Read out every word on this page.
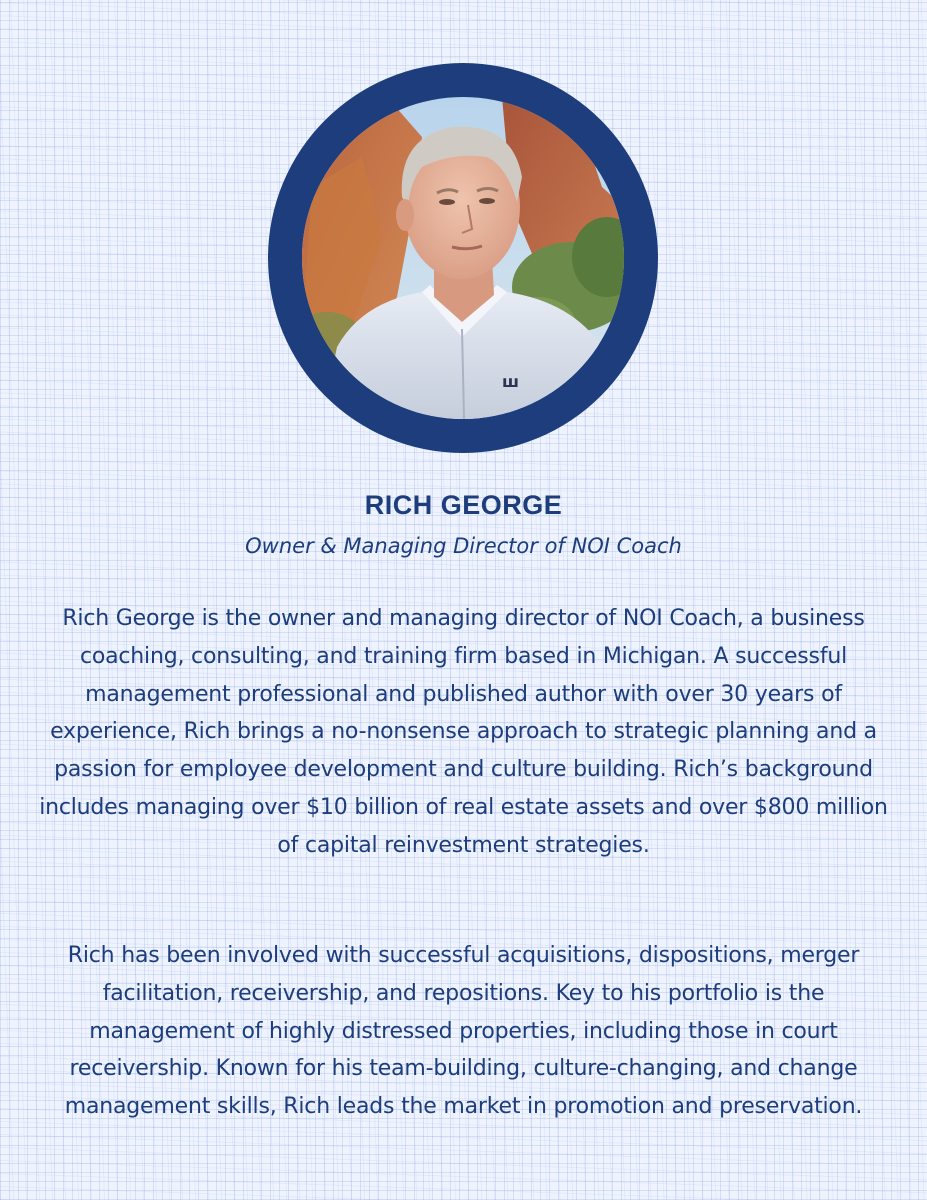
ꟺ
RICH GEORGE
Owner & Managing Director of NOI Coach

Rich George is the owner and managing director of NOI Coach, a business coaching, consulting, and training firm based in Michigan. A successful management professional and published author with over 30 years of experience, Rich brings a no-nonsense approach to strategic planning and a passion for employee development and culture building. Rich’s background includes managing over $10 billion of real estate assets and over $800 million of capital reinvestment strategies.

Rich has been involved with successful acquisitions, dispositions, merger facilitation, receivership, and repositions. Key to his portfolio is the management of highly distressed properties, including those in court receivership. Known for his team-building, culture-changing, and change management skills, Rich leads the market in promotion and preservation.
